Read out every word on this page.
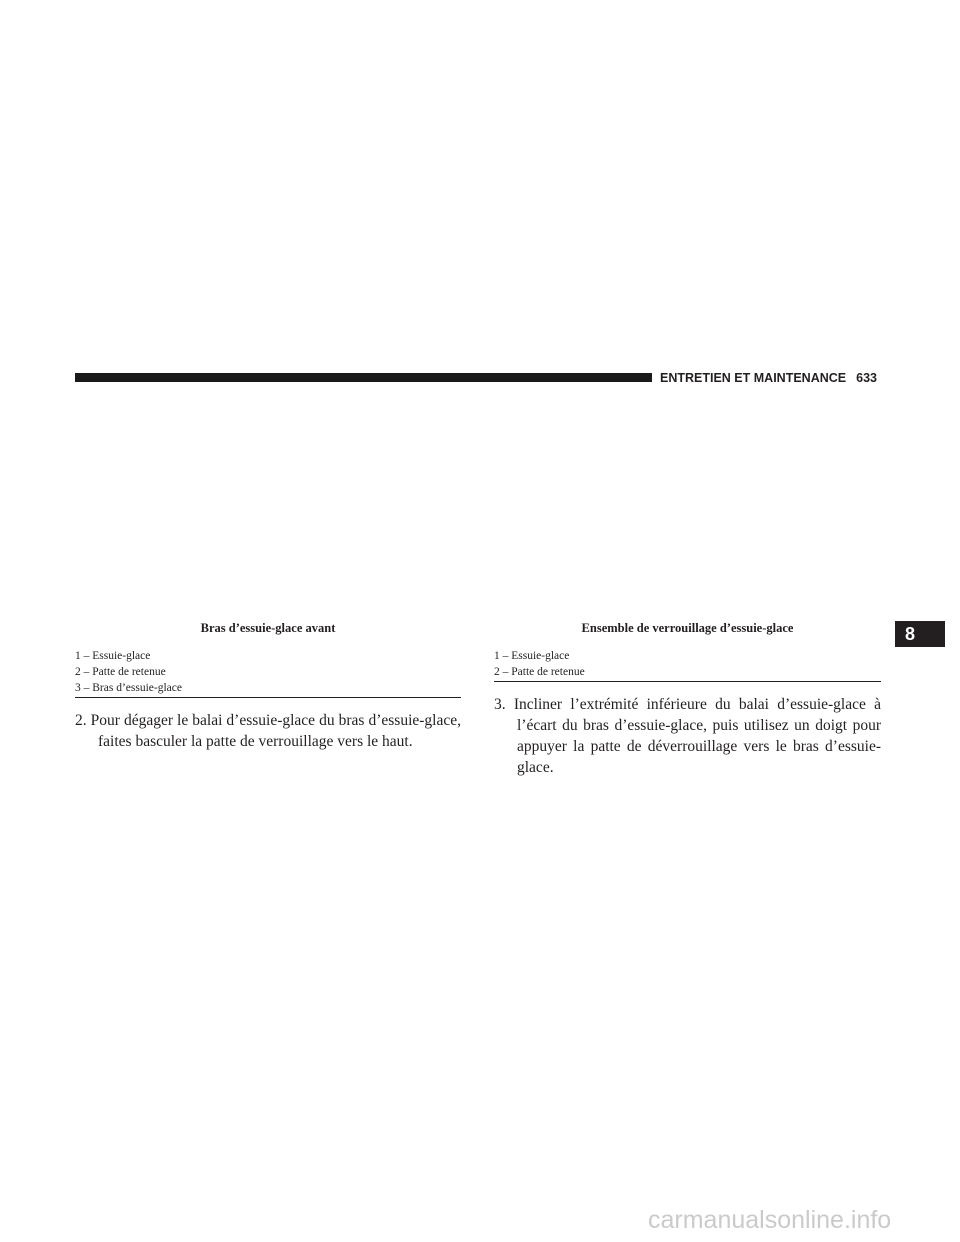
ENTRETIEN ET MAINTENANCE 633
Bras d’essuie-glace avant
1 – Essuie-glace
2 – Patte de retenue
3 – Bras d’essuie-glace
2. Pour dégager le balai d’essuie-glace du bras d’essuie-glace, faites basculer la patte de verrouillage vers le haut.
Ensemble de verrouillage d’essuie-glace
1 – Essuie-glace
2 – Patte de retenue
3. Incliner l’extrémité inférieure du balai d’essuie-glace à l’écart du bras d’essuie-glace, puis utilisez un doigt pour appuyer la patte de déverrouillage vers le bras d’essuie-glace.
8
carmanualsonline.info
